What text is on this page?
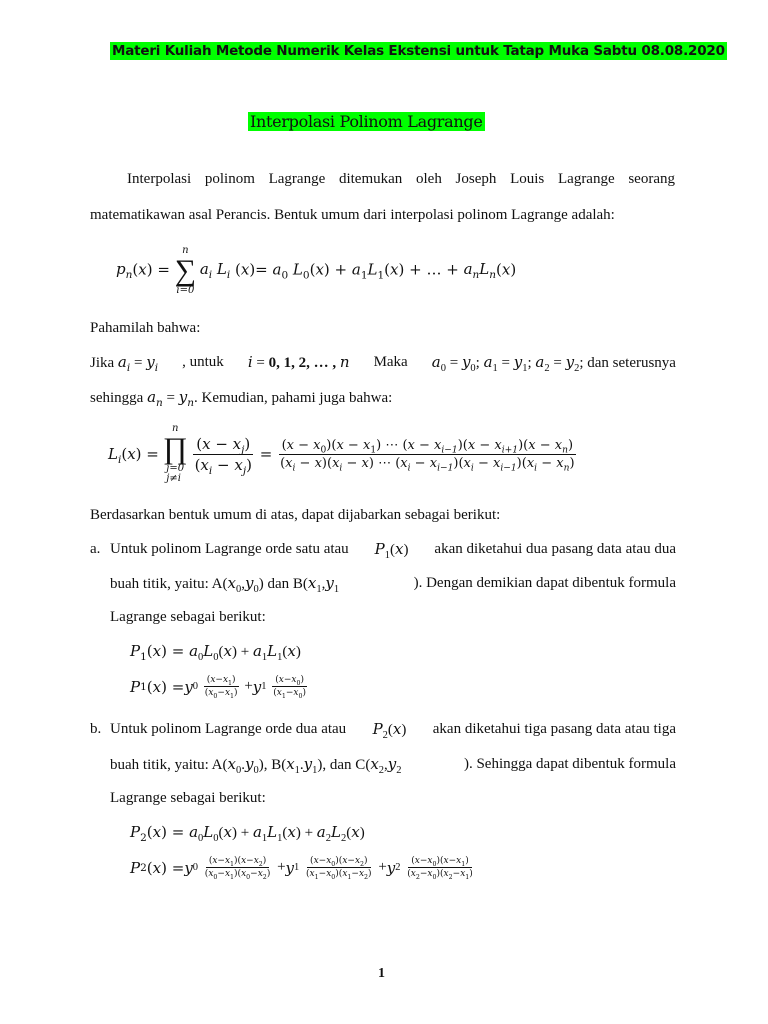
Materi Kuliah Metode Numerik Kelas Ekstensi untuk Tatap Muka Sabtu 08.08.2020
Interpolasi Polinom Lagrange
Interpolasi polinom Lagrange ditemukan oleh Joseph Louis Lagrange seorang
matematikawan asal Perancis. Bentuk umum dari interpolasi polinom Lagrange adalah:
$p_n(x)$ =
n
∑
i=0
$a_i$ $L_i$ $(x)= a_0$ $L_0(x) + a_1L_1(x)$ + … + $a_nL_n(x)$
Pahamilah bahwa:
Jika $a_i = y_i$ , untuk i = 0, 1, 2, … , n Maka $a_0 = y_0$; $a_1 = y_1$; $a_2 = y_2$; dan seterusnya
sehingga $a_n = y_n$. Kemudian, pahami juga bahwa:
$L_i$ ( x ) =
n
∏
j=0
j≠i
$\frac{(x - x_j)}{(x_i - x_j)} = \frac{(x - x_0)(x - x_1) \cdots (x - x_{i-1})(x - x_{i+1})(x - x_n)}{(x_i - x)(x_i - x) \cdots (x_i - x_{i-1})(x_i - x_{i-1})(x_i - x_n)}$
Berdasarkan bentuk umum di atas, dapat dijabarkan sebagai berikut:
a. Untuk polinom Lagrange orde satu atau $P_1(x)$ akan diketahui dua pasang data atau dua
buah titik, yaitu: $A(x_0,y_0)$ dan $B(x_1,y_1$	). Dengan demikian dapat dibentuk formula
Lagrange sebagai berikut:
$P_1(x) = a_0L_0(x) + a_1L_1(x)$
P 1 ( x ) = y 0
$\frac{(x-x_1)}{(x_0-x_1)} + y$ 1
$\frac{(x-x_0)}{(x_1-x_0)}$
b. Untuk polinom Lagrange orde dua atau $P_2(x)$ akan diketahui tiga pasang data atau tiga
buah titik, yaitu: $A(x_0.y_0)$, $B(x_1.y_1)$, dan $C(x_2,y_2$	). Sehingga dapat dibentuk formula
Lagrange sebagai berikut:
$P_2(x) = a_0L_0(x) + a_1L_1(x) + a_2L_2(x)$
P 2 ( x ) = y 0
$\frac{(x-x_1)(x-x_2)}{(x_0-x_1)(x_0-x_2)} + y$ 1
$\frac{(x-x_0)(x-x_2)}{(x_1-x_0)(x_1-x_2)} + y$ 2
$\frac{(x-x_0)(x-x_1)}{(x_2-x_0)(x_2-x_1)}$
1
